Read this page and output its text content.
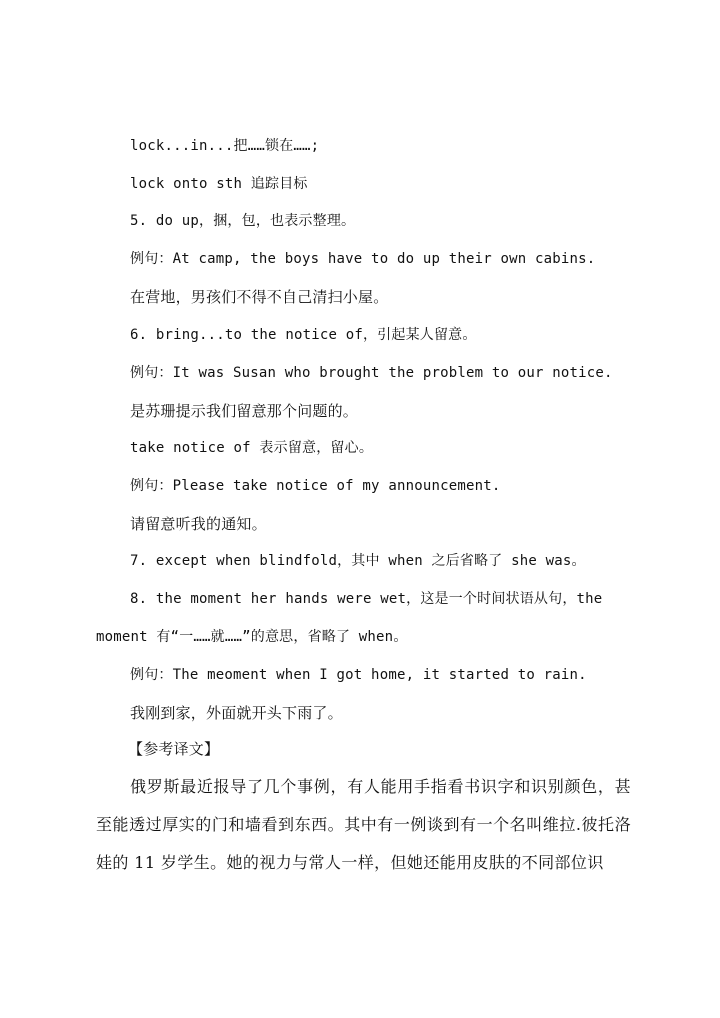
lock...in...把……锁在……;
lock onto sth 追踪目标
5. do up，捆，包，也表示整理。
例句：At camp, the boys have to do up their own cabins.
在营地，男孩们不得不自己清扫小屋。
6. bring...to the notice of，引起某人留意。
例句：It was Susan who brought the problem to our notice.
是苏珊提示我们留意那个问题的。
take notice of 表示留意，留心。
例句：Please take notice of my announcement.
请留意听我的通知。
7. except when blindfold，其中 when 之后省略了 she was。
8. the moment her hands were wet，这是一个时间状语从句，the
moment 有“一……就……”的意思，省略了 when。
例句：The meoment when I got home, it started to rain.
我刚到家，外面就开头下雨了。
【参考译文】
俄罗斯最近报导了几个事例，有人能用手指看书识字和识别颜色，甚至能透过厚实的门和墙看到东西。其中有一例谈到有一个名叫维拉.彼托洛娃的 11 岁学生。她的视力与常人一样，但她还能用皮肤的不同部位识
